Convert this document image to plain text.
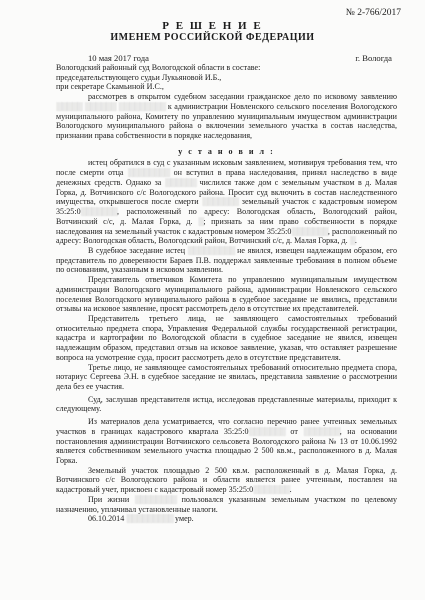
№ 2-766/2017
Р Е Ш Е Н И Е
ИМЕНЕМ РОССИЙСКОЙ ФЕДЕРАЦИИ
10 мая 2017 года	г. Вологда

Вологодский районный суд Вологодской области в составе:

председательствующего судьи Лукьяновой И.Б.,

при секретаре Скамьиной И.С.,

рассмотрев в открытом судебном заседании гражданское дело по исковому заявлению ░░░░░ ░░░░░░ ░░░░░░░░░ к администрации Новленского сельского поселения Вологодского муниципального района, Комитету по управлению муниципальным имуществом администрации Вологодского муниципального района о включении земельного участка в состав наследства, признании права собственности в порядке наследования,

у с т а н о в и л :

истец обратился в суд с указанным исковым заявлением, мотивируя требования тем, что после смерти отца ░░░░░░░░ он вступил в права наследования, принял наследство в виде денежных средств. Однако за ░░░░░░ числился также дом с земельным участком в д. Малая Горка, д. Вотчинского с/с Вологодского района. Просит суд включить в состав наследственного имущества, открывшегося после смерти ░░░░░░░ земельный участок с кадастровым номером 35:25:0░░░░░░░, расположенный по адресу: Вологодская область, Вологодский район, Вотчинский с/с, д. Малая Горка, д. ░; признать за ним право собственности в порядке наследования на земельный участок с кадастровым номером 35:25:0░░░░░░░, расположенный по адресу: Вологодская область, Вологодский район, Вотчинский с/с, д. Малая Горка, д. ░.

В судебное заседание истец ░░░░░░░░░ не явился, извещен надлежащим образом, его представитель по доверенности Бараев П.В. поддержал заявленные требования в полном объеме по основаниям, указанным в исковом заявлении.

Представитель ответчиков Комитета по управлению муниципальным имуществом администрации Вологодского муниципального района, администрации Новленского сельского поселения Вологодского муниципального района в судебное заседание не явились, представили отзывы на исковое заявление, просят рассмотреть дело в отсутствие их представителей.

Представитель третьего лица, не заявляющего самостоятельных требований относительно предмета спора, Управления Федеральной службы государственной регистрации, кадастра и картографии по Вологодской области в судебное заседание не явился, извещен надлежащим образом, представил отзыв на исковое заявление, указав, что оставляет разрешение вопроса на усмотрение суда, просит рассмотреть дело в отсутствие представителя.

Третье лицо, не заявляющее самостоятельных требований относительно предмета спора, нотариус Сергеева Э.Н. в судебное заседание не явилась, представила заявление о рассмотрении дела без ее участия.

Суд, заслушав представителя истца, исследовав представленные материалы, приходит к следующему.

Из материалов дела усматривается, что согласно перечню ранее учтенных земельных участков в границах кадастрового квартала 35:25:0░░░░░░░ от ░░░░░░░, на основании постановления администрации Вотчинского сельсовета Вологодского района № 13 от 10.06.1992 является собственником земельного участка площадью 2 500 кв.м., расположенного в д. Малая Горка.

Земельный участок площадью 2 500 кв.м. расположенный в д. Малая Горка, д. Вотчинского с/с Вологодского района и области является ранее учтенным, поставлен на кадастровый учет, присвоен с кадастровый номер 35:25:0░░░░░░░.

При жизни ░░░░░░░░ пользовался указанным земельным участком по целевому назначению, уплачивал установленные налоги.

06.10.2014 ░░░░░░░░░ умер.
